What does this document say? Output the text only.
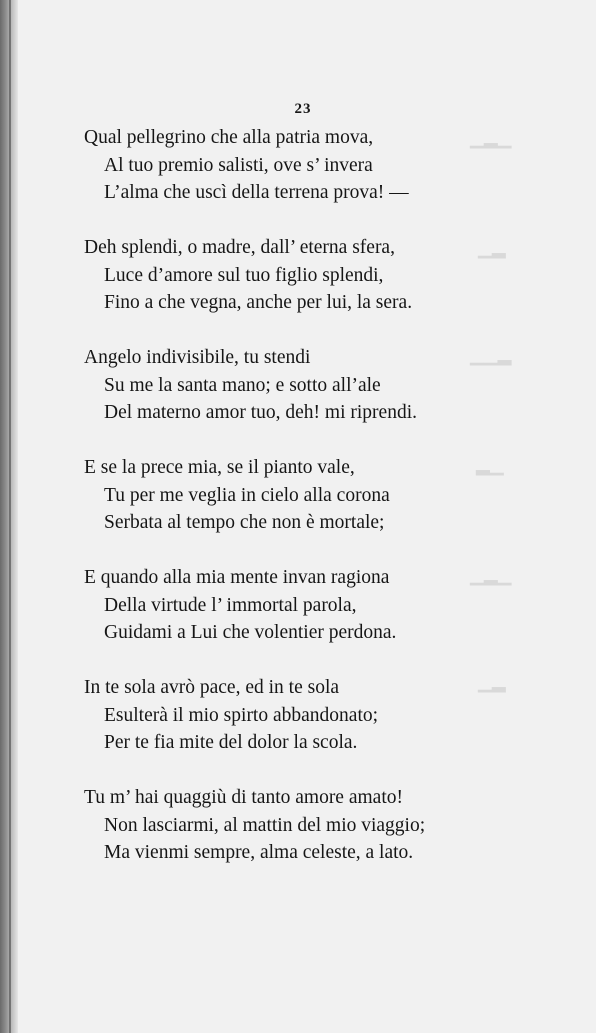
▁▂▁
▁▂
▁▁▂
▂▁
▁▂▁
▁▂
23
Qual pellegrino che alla patria mova,
Al tuo premio salisti, ove s’ invera
L’alma che uscì della terrena prova! —
Deh splendi, o madre, dall’ eterna sfera,
Luce d’amore sul tuo figlio splendi,
Fino a che vegna, anche per lui, la sera.
Angelo indivisibile, tu stendi
Su me la santa mano; e sotto all’ale
Del materno amor tuo, deh! mi riprendi.
E se la prece mia, se il pianto vale,
Tu per me veglia in cielo alla corona
Serbata al tempo che non è mortale;
E quando alla mia mente invan ragiona
Della virtude l’ immortal parola,
Guidami a Lui che volentier perdona.
In te sola avrò pace, ed in te sola
Esulterà il mio spirto abbandonato;
Per te fia mite del dolor la scola.
Tu m’ hai quaggiù di tanto amore amato!
Non lasciarmi, al mattin del mio viaggio;
Ma vienmi sempre, alma celeste, a lato.
